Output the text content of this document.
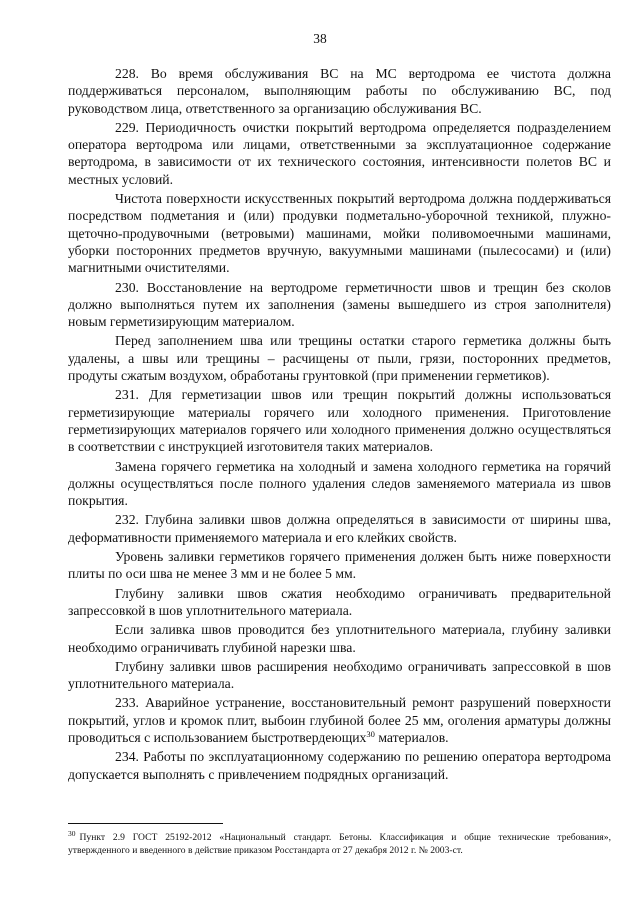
38

228. Во время обслуживания ВС на МС вертодрома ее чистота должна поддерживаться персоналом, выполняющим работы по обслуживанию ВС, под руководством лица, ответственного за организацию обслуживания ВС.

229. Периодичность очистки покрытий вертодрома определяется подразделением оператора вертодрома или лицами, ответственными за эксплуатационное содержание вертодрома, в зависимости от их технического состояния, интенсивности полетов ВС и местных условий.

Чистота поверхности искусственных покрытий вертодрома должна поддерживаться посредством подметания и (или) продувки подметально-уборочной техникой, плужно-щеточно-продувочными (ветровыми) машинами, мойки поливомоечными машинами, уборки посторонних предметов вручную, вакуумными машинами (пылесосами) и (или) магнитными очистителями.

230. Восстановление на вертодроме герметичности швов и трещин без сколов должно выполняться путем их заполнения (замены вышедшего из строя заполнителя) новым герметизирующим материалом.

Перед заполнением шва или трещины остатки старого герметика должны быть удалены, а швы или трещины – расчищены от пыли, грязи, посторонних предметов, продуты сжатым воздухом, обработаны грунтовкой (при применении герметиков).

231. Для герметизации швов или трещин покрытий должны использоваться герметизирующие материалы горячего или холодного применения. Приготовление герметизирующих материалов горячего или холодного применения должно осуществляться в соответствии с инструкцией изготовителя таких материалов.

Замена горячего герметика на холодный и замена холодного герметика на горячий должны осуществляться после полного удаления следов заменяемого материала из швов покрытия.

232. Глубина заливки швов должна определяться в зависимости от ширины шва, деформативности применяемого материала и его клейких свойств.

Уровень заливки герметиков горячего применения должен быть ниже поверхности плиты по оси шва не менее 3 мм и не более 5 мм.

Глубину заливки швов сжатия необходимо ограничивать предварительной запрессовкой в шов уплотнительного материала.

Если заливка швов проводится без уплотнительного материала, глубину заливки необходимо ограничивать глубиной нарезки шва.

Глубину заливки швов расширения необходимо ограничивать запрессовкой в шов уплотнительного материала.

233. Аварийное устранение, восстановительный ремонт разрушений поверхности покрытий, углов и кромок плит, выбоин глубиной более 25 мм, оголения арматуры должны проводиться с использованием быстротвердеющих$^{30}$ материалов.

234. Работы по эксплуатационному содержанию по решению оператора вертодрома допускается выполнять с привлечением подрядных организаций.

$^{30}$ Пункт 2.9 ГОСТ 25192-2012 «Национальный стандарт. Бетоны. Классификация и общие технические требования», утвержденного и введенного в действие приказом Росстандарта от 27 декабря 2012 г. № 2003-ст.
